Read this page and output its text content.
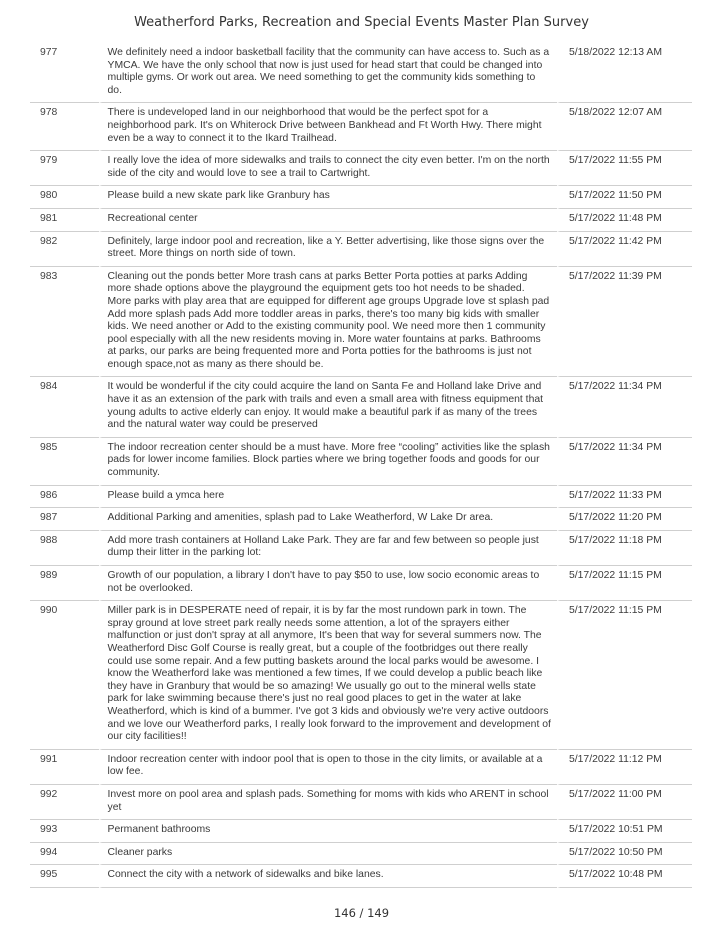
Weatherford Parks, Recreation and Special Events Master Plan Survey
977	We definitely need a indoor basketball facility that the community can have access to. Such as a YMCA. We have the only school that now is just used for head start that could be changed into multiple gyms. Or work out area. We need something to get the community kids something to do.	5/18/2022 12:13 AM
978	There is undeveloped land in our neighborhood that would be the perfect spot for a neighborhood park. It's on Whiterock Drive between Bankhead and Ft Worth Hwy. There might even be a way to connect it to the Ikard Trailhead.	5/18/2022 12:07 AM
979	I really love the idea of more sidewalks and trails to connect the city even better. I'm on the north side of the city and would love to see a trail to Cartwright.	5/17/2022 11:55 PM
980	Please build a new skate park like Granbury has	5/17/2022 11:50 PM
981	Recreational center	5/17/2022 11:48 PM
982	Definitely, large indoor pool and recreation, like a Y. Better advertising, like those signs over the street. More things on north side of town.	5/17/2022 11:42 PM
983	Cleaning out the ponds better More trash cans at parks Better Porta potties at parks Adding more shade options above the playground the equipment gets too hot needs to be shaded. More parks with play area that are equipped for different age groups Upgrade love st splash pad Add more splash pads Add more toddler areas in parks, there's too many big kids with smaller kids. We need another or Add to the existing community pool. We need more then 1 community pool especially with all the new residents moving in. More water fountains at parks. Bathrooms at parks, our parks are being frequented more and Porta potties for the bathrooms is just not enough space,not as many as there should be.	5/17/2022 11:39 PM
984	It would be wonderful if the city could acquire the land on Santa Fe and Holland lake Drive and have it as an extension of the park with trails and even a small area with fitness equipment that young adults to active elderly can enjoy. It would make a beautiful park if as many of the trees and the natural water way could be preserved	5/17/2022 11:34 PM
985	The indoor recreation center should be a must have. More free “cooling” activities like the splash pads for lower income families. Block parties where we bring together foods and goods for our community.	5/17/2022 11:34 PM
986	Please build a ymca here	5/17/2022 11:33 PM
987	Additional Parking and amenities, splash pad to Lake Weatherford, W Lake Dr area.	5/17/2022 11:20 PM
988	Add more trash containers at Holland Lake Park. They are far and few between so people just dump their litter in the parking lot:	5/17/2022 11:18 PM
989	Growth of our population, a library I don't have to pay $50 to use, low socio economic areas to not be overlooked.	5/17/2022 11:15 PM
990	Miller park is in DESPERATE need of repair, it is by far the most rundown park in town. The spray ground at love street park really needs some attention, a lot of the sprayers either malfunction or just don't spray at all anymore, It's been that way for several summers now. The Weatherford Disc Golf Course is really great, but a couple of the footbridges out there really could use some repair. And a few putting baskets around the local parks would be awesome. I know the Weatherford lake was mentioned a few times, If we could develop a public beach like they have in Granbury that would be so amazing! We usually go out to the mineral wells state park for lake swimming because there's just no real good places to get in the water at lake Weatherford, which is kind of a bummer. I've got 3 kids and obviously we're very active outdoors and we love our Weatherford parks, I really look forward to the improvement and development of our city facilities!!	5/17/2022 11:15 PM
991	Indoor recreation center with indoor pool that is open to those in the city limits, or available at a low fee.	5/17/2022 11:12 PM
992	Invest more on pool area and splash pads. Something for moms with kids who ARENT in school yet	5/17/2022 11:00 PM
993	Permanent bathrooms	5/17/2022 10:51 PM
994	Cleaner parks	5/17/2022 10:50 PM
995	Connect the city with a network of sidewalks and bike lanes.	5/17/2022 10:48 PM
146 / 149
